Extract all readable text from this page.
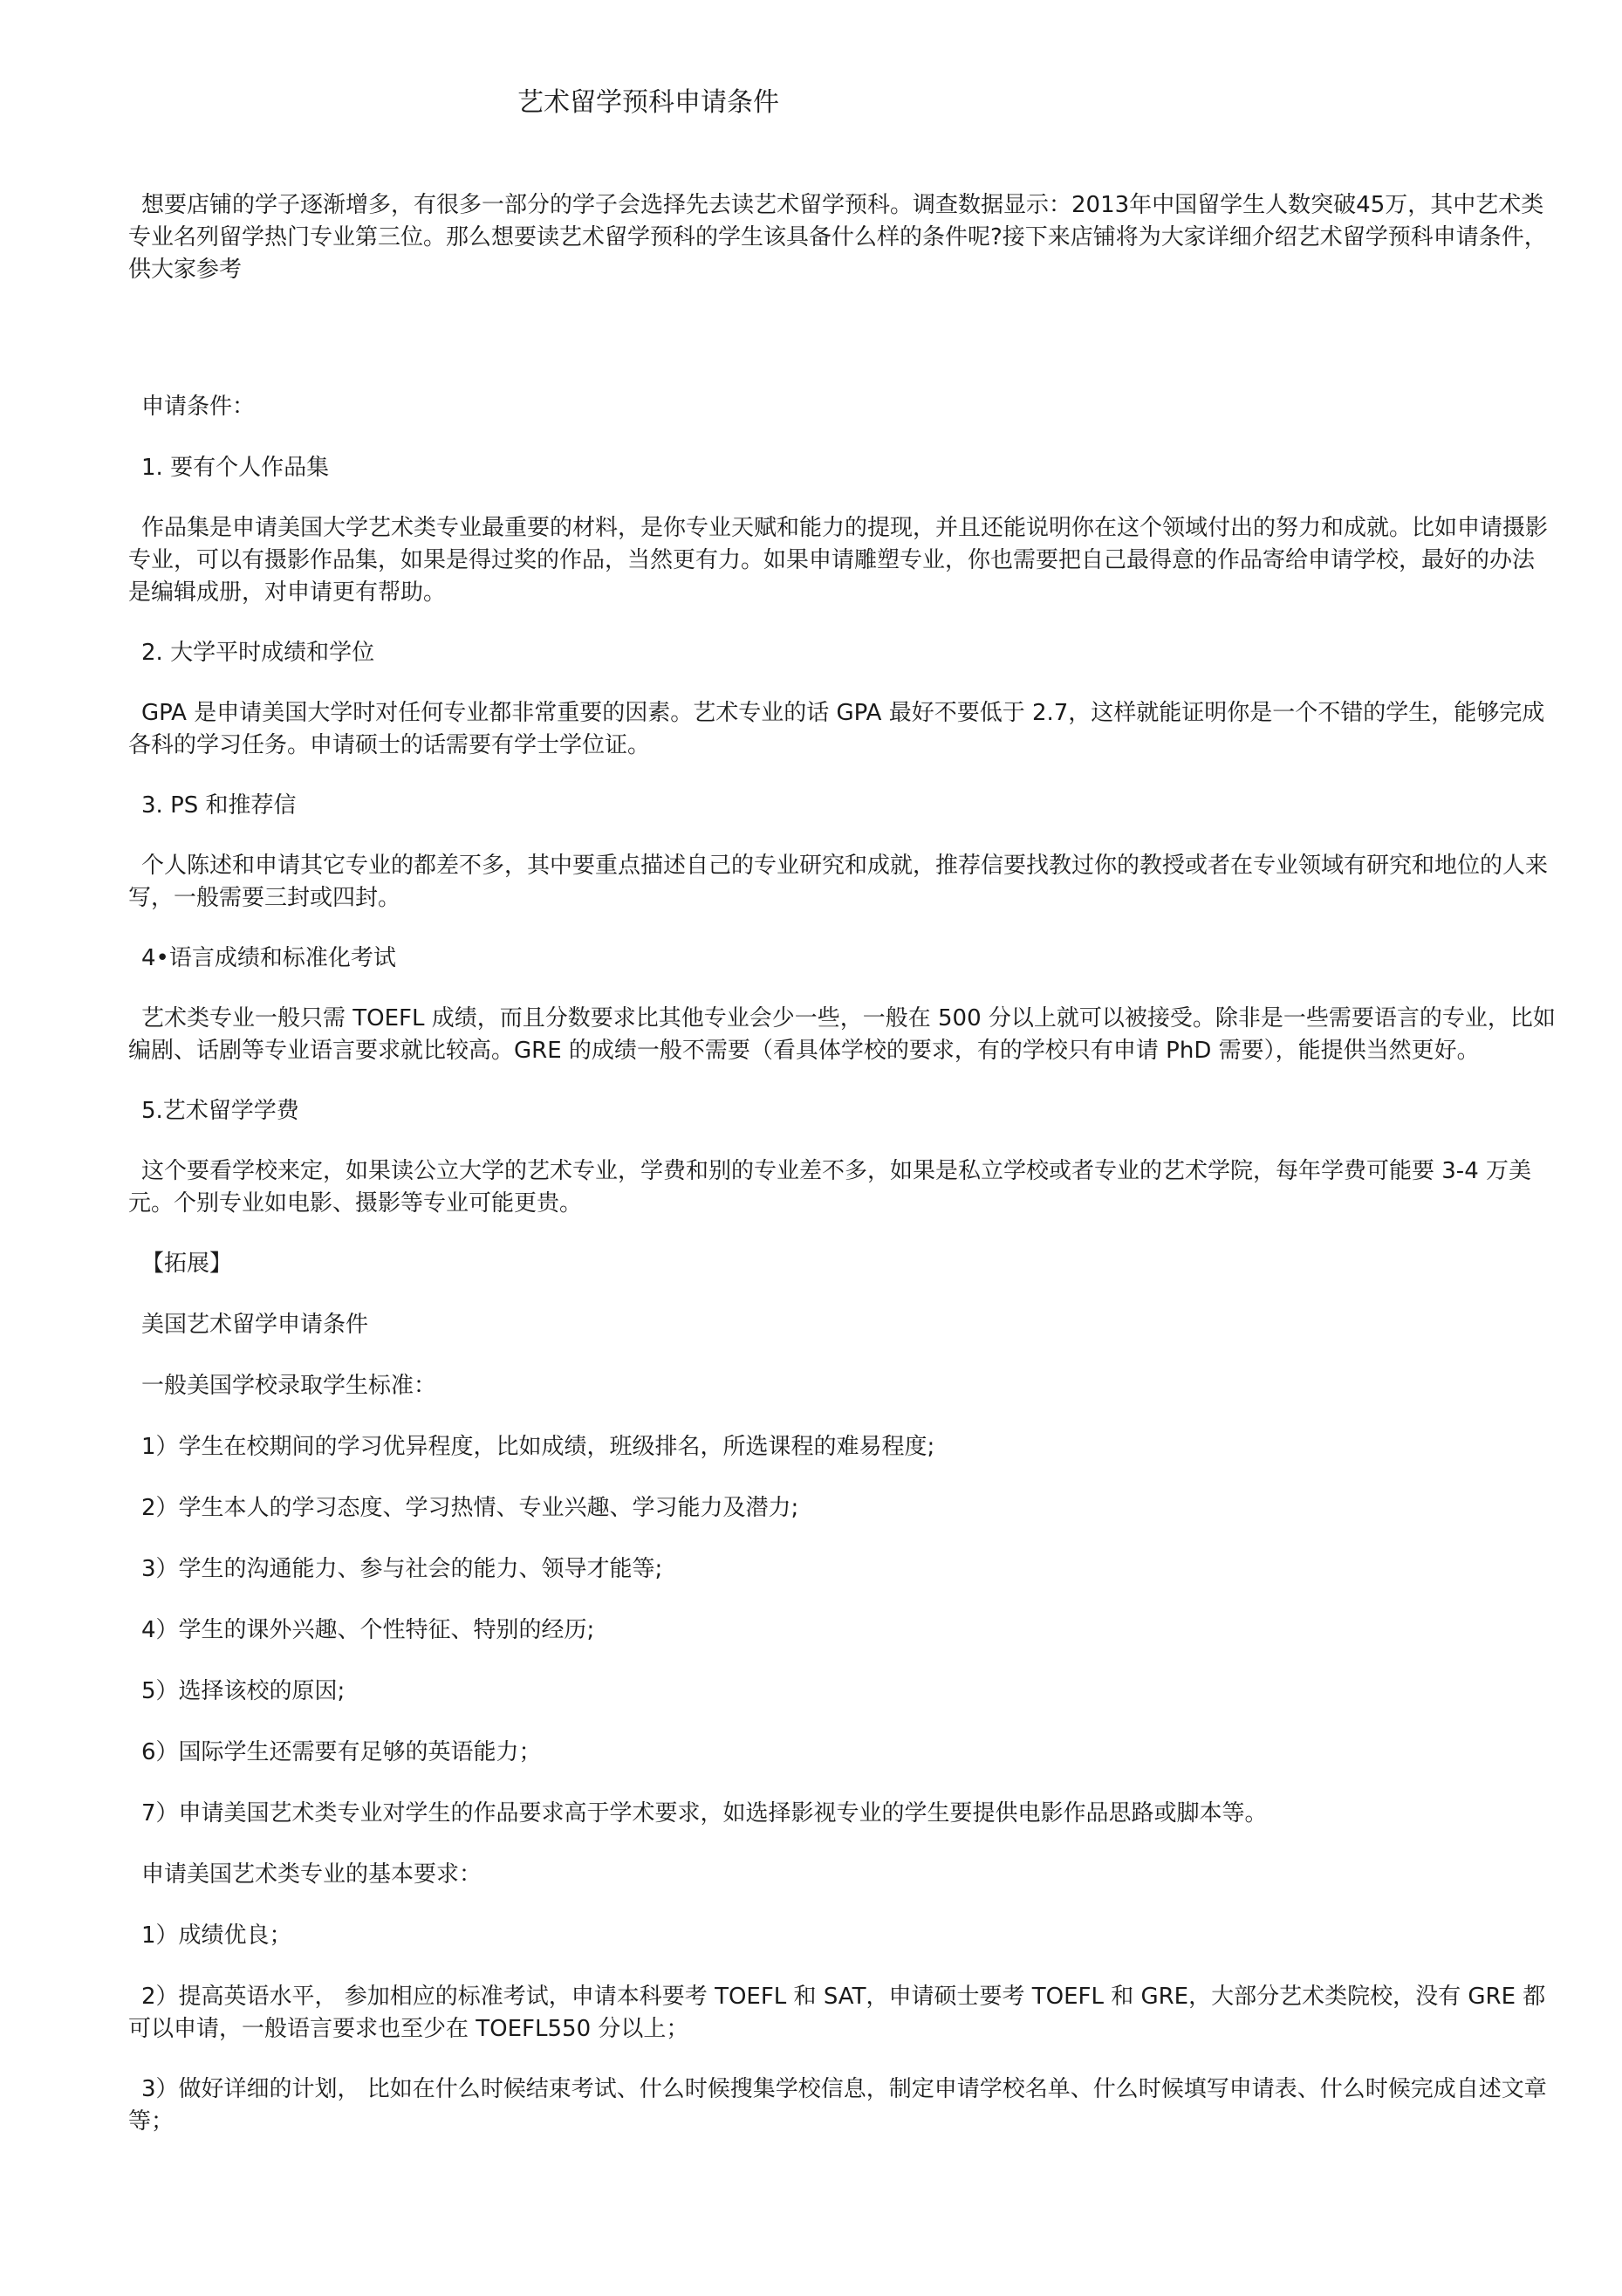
艺术留学预科申请条件

想要店铺的学子逐渐增多，有很多一部分的学子会选择先去读艺术留学预科。调查数据显示：2013年中国留学生人数突破45万，其中艺术类专业名列留学热门专业第三位。那么想要读艺术留学预科的学生该具备什么样的条件呢?接下来店铺将为大家详细介绍艺术留学预科申请条件，供大家参考

申请条件：

1. 要有个人作品集

作品集是申请美国大学艺术类专业最重要的材料，是你专业天赋和能力的提现，并且还能说明你在这个领域付出的努力和成就。比如申请摄影专业，可以有摄影作品集，如果是得过奖的作品，当然更有力。如果申请雕塑专业，你也需要把自己最得意的作品寄给申请学校，最好的办法是编辑成册，对申请更有帮助。

2. 大学平时成绩和学位

GPA 是申请美国大学时对任何专业都非常重要的因素。艺术专业的话 GPA 最好不要低于 2.7，这样就能证明你是一个不错的学生，能够完成各科的学习任务。申请硕士的话需要有学士学位证。

3. PS 和推荐信

个人陈述和申请其它专业的都差不多，其中要重点描述自己的专业研究和成就，推荐信要找教过你的教授或者在专业领域有研究和地位的人来写，一般需要三封或四封。

4•语言成绩和标准化考试

艺术类专业一般只需 TOEFL 成绩，而且分数要求比其他专业会少一些，一般在 500 分以上就可以被接受。除非是一些需要语言的专业，比如编剧、话剧等专业语言要求就比较高。GRE 的成绩一般不需要（看具体学校的要求，有的学校只有申请 PhD 需要），能提供当然更好。

5.艺术留学学费

这个要看学校来定，如果读公立大学的艺术专业，学费和别的专业差不多，如果是私立学校或者专业的艺术学院，每年学费可能要 3-4 万美元。个别专业如电影、摄影等专业可能更贵。

【拓展】

美国艺术留学申请条件

一般美国学校录取学生标准：

1）学生在校期间的学习优异程度，比如成绩，班级排名，所选课程的难易程度;

2）学生本人的学习态度、学习热情、专业兴趣、学习能力及潜力;

3）学生的沟通能力、参与社会的能力、领导才能等;

4）学生的课外兴趣、个性特征、特别的经历;

5）选择该校的原因;

6）国际学生还需要有足够的英语能力；

7）申请美国艺术类专业对学生的作品要求高于学术要求，如选择影视专业的学生要提供电影作品思路或脚本等。

申请美国艺术类专业的基本要求：

1）成绩优良；

2）提高英语水平， 参加相应的标准考试，申请本科要考 TOEFL 和 SAT，申请硕士要考 TOEFL 和 GRE，大部分艺术类院校，没有 GRE 都可以申请，一般语言要求也至少在 TOEFL550 分以上；

3）做好详细的计划， 比如在什么时候结束考试、什么时候搜集学校信息，制定申请学校名单、什么时候填写申请表、什么时候完成自述文章等；
